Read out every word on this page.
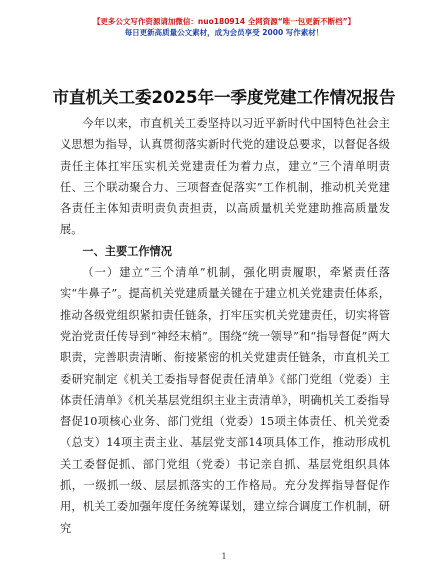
【更多公文写作资源请加微信：nuo180914 全网资源“唯一包更新不断档”】
每日更新高质量公文素材，成为会员享受 2000 写作素材！
市直机关工委2025年一季度党建工作情况报告

今年以来，市直机关工委坚持以习近平新时代中国特色社会主义思想为指导，认真贯彻落实新时代党的建设总要求，以督促各级责任主体扛牢压实机关党建责任为着力点，建立“三个清单明责任、三个联动聚合力、三项督查促落实”工作机制，推动机关党建各责任主体知责明责负责担责，以高质量机关党建助推高质量发展。

一、主要工作情况

（一）建立“三个清单”机制，强化明责履职，牵紧责任落实“牛鼻子”。提高机关党建质量关键在于建立机关党建责任体系，推动各级党组织紧扣责任链条，打牢压实机关党建责任，切实将管党治党责任传导到“神经末梢”。围绕“统一领导”和“指导督促”两大职责，完善职责清晰、衔接紧密的机关党建责任链条，市直机关工委研究制定《机关工委指导督促责任清单》《部门党组（党委）主体责任清单》《机关基层党组织主业主责清单》，明确机关工委指导督促10项核心业务、部门党组（党委）15项主体责任、机关党委（总支）14项主责主业、基层党支部14项具体工作，推动形成机关工委督促抓、部门党组（党委）书记亲自抓、基层党组织具体抓，一级抓一级、层层抓落实的工作格局。充分发挥指导督促作用，机关工委加强年度任务统筹谋划，建立综合调度工作机制，研究

1
